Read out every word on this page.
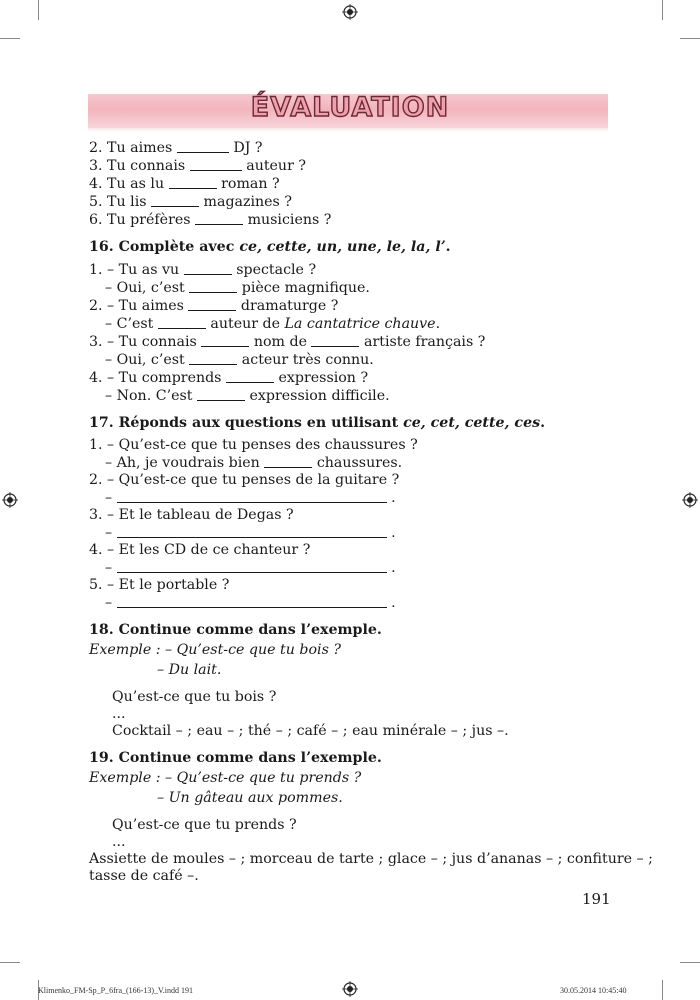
ÉVALUATION

2. Tu aimes	DJ ?

3. Tu connais	auteur ?

4. Tu as lu	roman ?

5. Tu lis	magazines ?

6. Tu préfères	musiciens ?

16. Complète avec ce, cette, un, une, le, la, l’.

1. – Tu as vu	spectacle ?

– Oui, c’est	pièce magnifique.

2. – Tu aimes	dramaturge ?

– C’est	auteur de La cantatrice chauve.

3. – Tu connais	nom de	artiste français ?

– Oui, c’est	acteur très connu.

4. – Tu comprends	expression ?

– Non. C’est	expression difficile.

17. Réponds aux questions en utilisant ce, cet, cette, ces.

1. – Qu’est-ce que tu penses des chaussures ?

– Ah, je voudrais bien	chaussures.

2. – Qu’est-ce que tu penses de la guitare ?

–	.

3. – Et le tableau de Degas ?

–	.

4. – Et les CD de ce chanteur ?

–	.

5. – Et le portable ?

–	.

18. Continue comme dans l’exemple.

Exemple : – Qu’est-ce que tu bois ?

– Du lait.

Qu’est-ce que tu bois ?

...

Cocktail – ; eau – ; thé – ; café – ; eau minérale – ; jus –.

19. Continue comme dans l’exemple.

Exemple : – Qu’est-ce que tu prends ?

– Un gâteau aux pommes.

Qu’est-ce que tu prends ?

...

Assiette de moules – ; morceau de tarte ; glace – ; jus d’ananas – ; confiture – ;

tasse de café –.

191
Klimenko_FM-Sp_P_6fra_(166-13)_V.indd 191	30.05.2014 10:45:40
